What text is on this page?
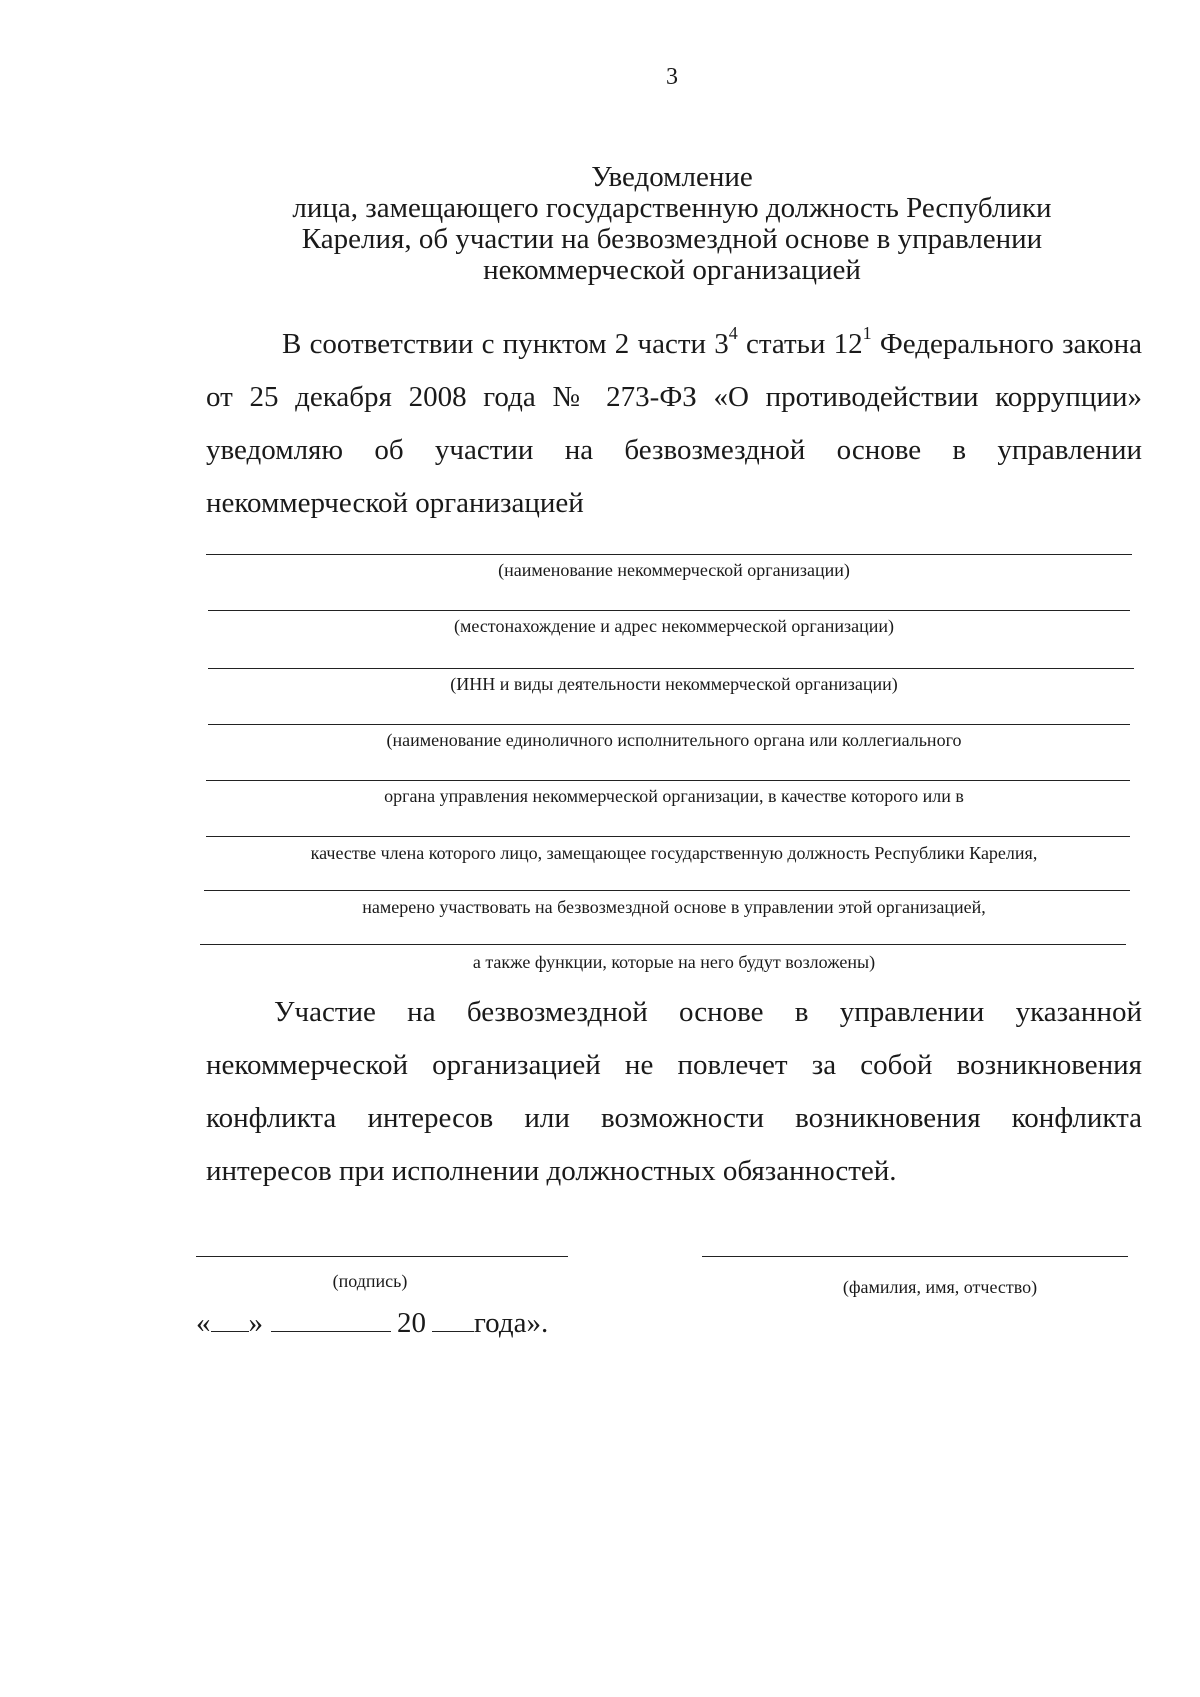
3
Уведомление
лица, замещающего государственную должность Республики
Карелия, об участии на безвозмездной основе в управлении
некоммерческой организацией
В соответствии с пунктом 2 части $3^4$ статьи $12^1$ Федерального закона от 25 декабря 2008 года № 273-ФЗ «О противодействии коррупции» уведомляю об участии на безвозмездной основе в управлении некоммерческой организацией
(наименование некоммерческой организации)
(местонахождение и адрес некоммерческой организации)
(ИНН и виды деятельности некоммерческой организации)
(наименование единоличного исполнительного органа или коллегиального
органа управления некоммерческой организации, в качестве которого или в
качестве члена которого лицо, замещающее государственную должность Республики Карелия,
намерено участвовать на безвозмездной основе в управлении этой организацией,
а также функции, которые на него будут возложены)
Участие на безвозмездной основе в управлении указанной некоммерческой организацией не повлечет за собой возникновения конфликта интересов или возможности возникновения конфликта интересов при исполнении должностных обязанностей.
(подпись)	(фамилия, имя, отчество)
« »	20 года».
